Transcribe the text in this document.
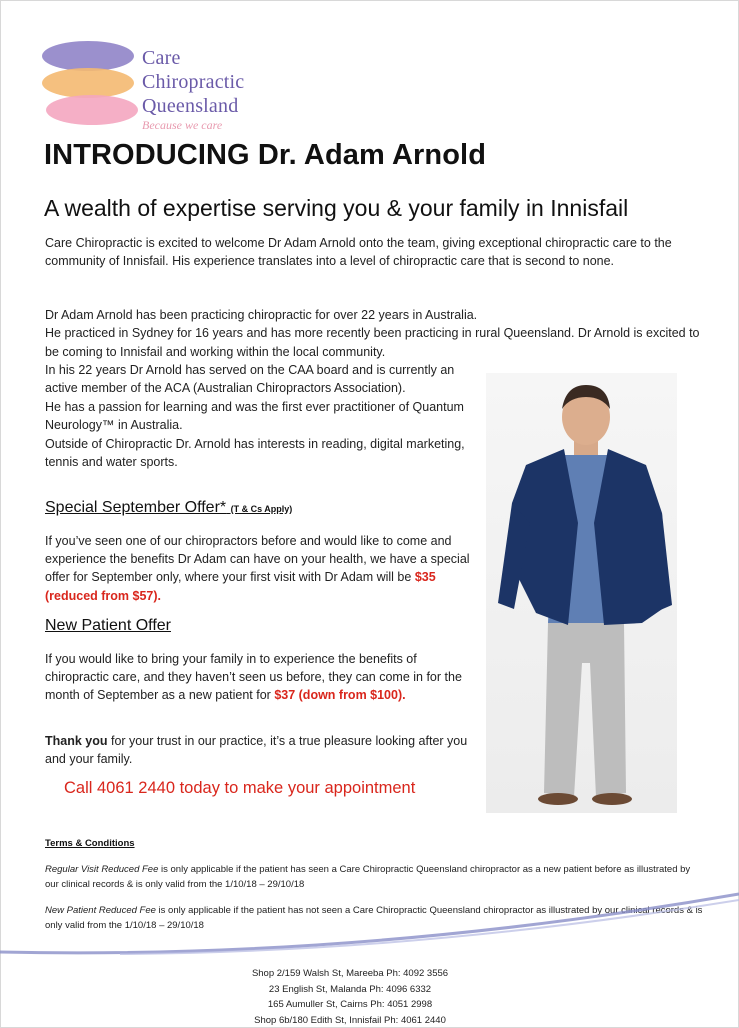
Care
Chiropractic
Queensland
Because we care
INTRODUCING Dr. Adam Arnold
A wealth of expertise serving you & your family in Innisfail

Care Chiropractic is excited to welcome Dr Adam Arnold onto the team, giving exceptional chiropractic care to the community of Innisfail. His experience translates into a level of chiropractic care that is second to none.

Dr Adam Arnold has been practicing chiropractic for over 22 years in Australia.
He practiced in Sydney for 16 years and has more recently been practicing in rural Queensland. Dr Arnold is excited to be coming to Innisfail and working within the local community.
In his 22 years Dr Arnold has served on the CAA board and is currently an active member of the ACA (Australian Chiropractors Association).
He has a passion for learning and was the first ever practitioner of Quantum Neurology™ in Australia.
Outside of Chiropractic Dr. Arnold has interests in reading, digital marketing, tennis and water sports.
Special September Offer* (T & Cs Apply)

If you’ve seen one of our chiropractors before and would like to come and experience the benefits Dr Adam can have on your health, we have a special offer for September only, where your first visit with Dr Adam will be $35 (reduced from $57).

New Patient Offer

If you would like to bring your family in to experience the benefits of chiropractic care, and they haven’t seen us before, they can come in for the month of September as a new patient for $37 (down from $100).

Thank you for your trust in our practice, it’s a true pleasure looking after you and your family.

Call 4061 2440 today to make your appointment

Terms & Conditions

Regular Visit Reduced Fee is only applicable if the patient has seen a Care Chiropractic Queensland chiropractor as a new patient before as illustrated by our clinical records & is only valid from the 1/10/18 – 29/10/18

New Patient Reduced Fee is only applicable if the patient has not seen a Care Chiropractic Queensland chiropractor as illustrated by our clinical records & is only valid from the 1/10/18 – 29/10/18

Shop 2/159 Walsh St, Mareeba Ph: 4092 3556
23 English St, Malanda Ph: 4096 6332
165 Aumuller St, Cairns Ph: 4051 2998
Shop 6b/180 Edith St, Innisfail Ph: 4061 2440
